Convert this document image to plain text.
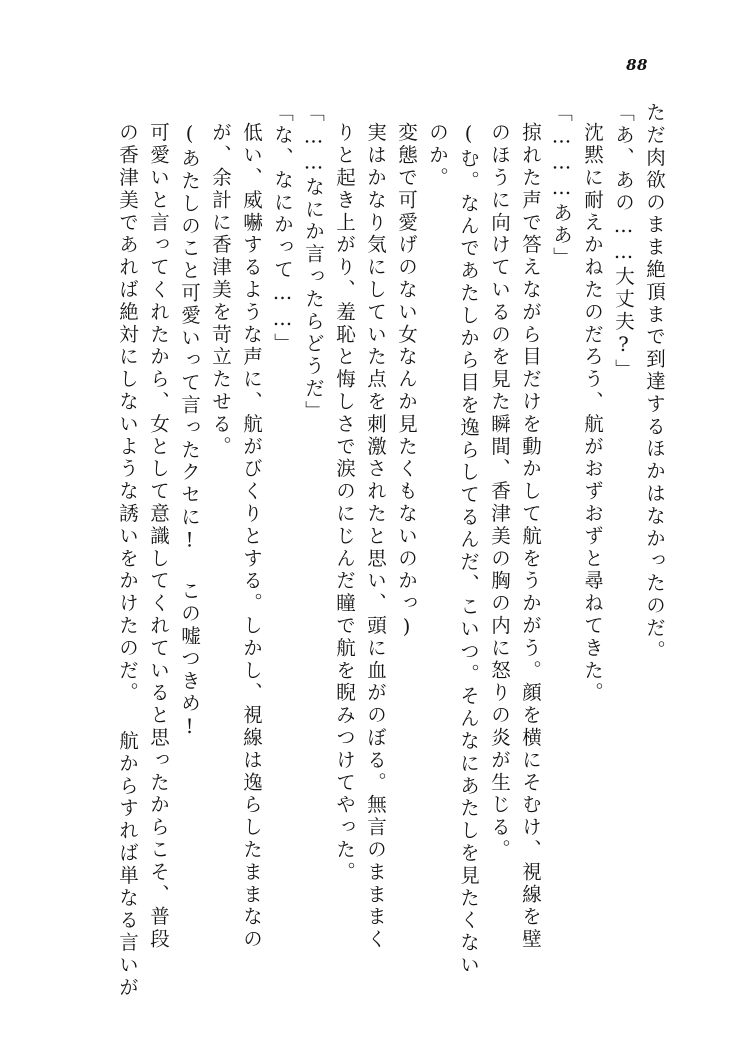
88
ただ肉欲のまま絶頂まで到達するほかはなかったのだ。
「あ、あの……大丈夫?」
沈黙に耐えかねたのだろう、航がおずおずと尋ねてきた。
「………ああ」
掠れた声で答えながら目だけを動かして航をうかがう。顔を横にそむけ、視線を壁
のほうに向けているのを見た瞬間、香津美の胸の内に怒りの炎が生じる。
(む。なんであたしから目を逸らしてるんだ、こいつ。そんなにあたしを見たくない
のか。
変態で可愛げのない女なんか見たくもないのかっ)
実はかなり気にしていた点を刺激されたと思い、頭に血がのぼる。無言のまままく
りと起き上がり、羞恥と悔しさで涙のにじんだ瞳で航を睨みつけてやった。
「……なにか言ったらどうだ」
「な、なにかって……」
低い、威嚇するような声に、航がびくりとする。しかし、視線は逸らしたままなの
が、余計に香津美を苛立たせる。
(あたしのこと可愛いって言ったクセに! この嘘つきめ!
可愛いと言ってくれたから、女として意識してくれていると思ったからこそ、普段
の香津美であれば絶対にしないような誘いをかけたのだ。 航からすれば単なる言いが
